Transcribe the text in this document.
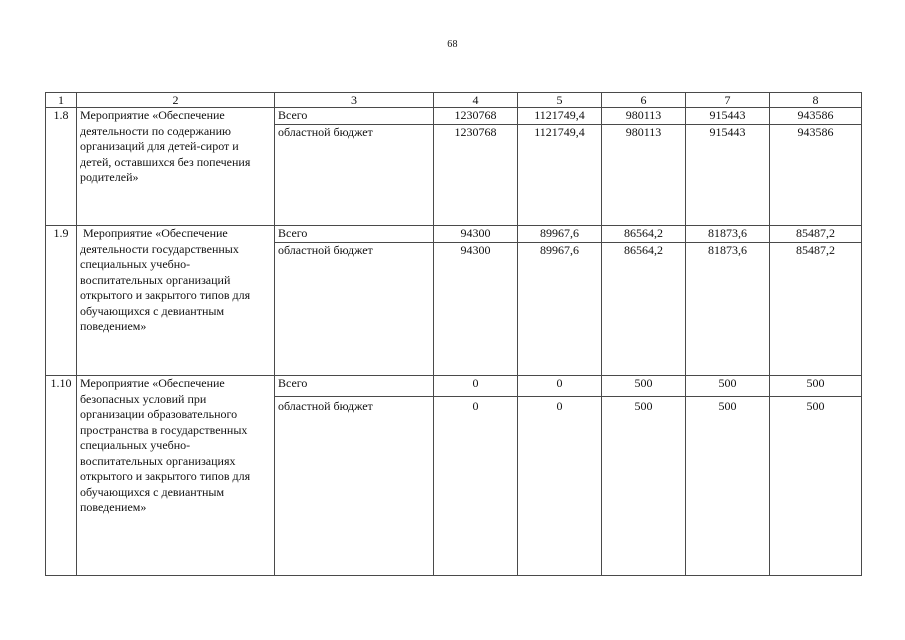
68
1	2	3	4	5	6	7	8
1.8	Мероприятие «Обеспечение деятельности по содержанию организаций для детей-сирот и детей, оставшихся без попечения родителей»	Всего	1230768	1121749,4	980113	915443	943586
		областной бюджет	1230768	1121749,4	980113	915443	943586
1.9	Мероприятие «Обеспечение деятельности государственных специальных учебно-воспитательных организаций открытого и закрытого типов для обучающихся с девиантным поведением»	Всего	94300	89967,6	86564,2	81873,6	85487,2
		областной бюджет	94300	89967,6	86564,2	81873,6	85487,2
1.10	Мероприятие «Обеспечение безопасных условий при организации образовательного пространства в государственных специальных учебно-воспитательных организациях открытого и закрытого типов для обучающихся с девиантным поведением»	Всего	0	0	500	500	500
		областной бюджет	0	0	500	500	500
